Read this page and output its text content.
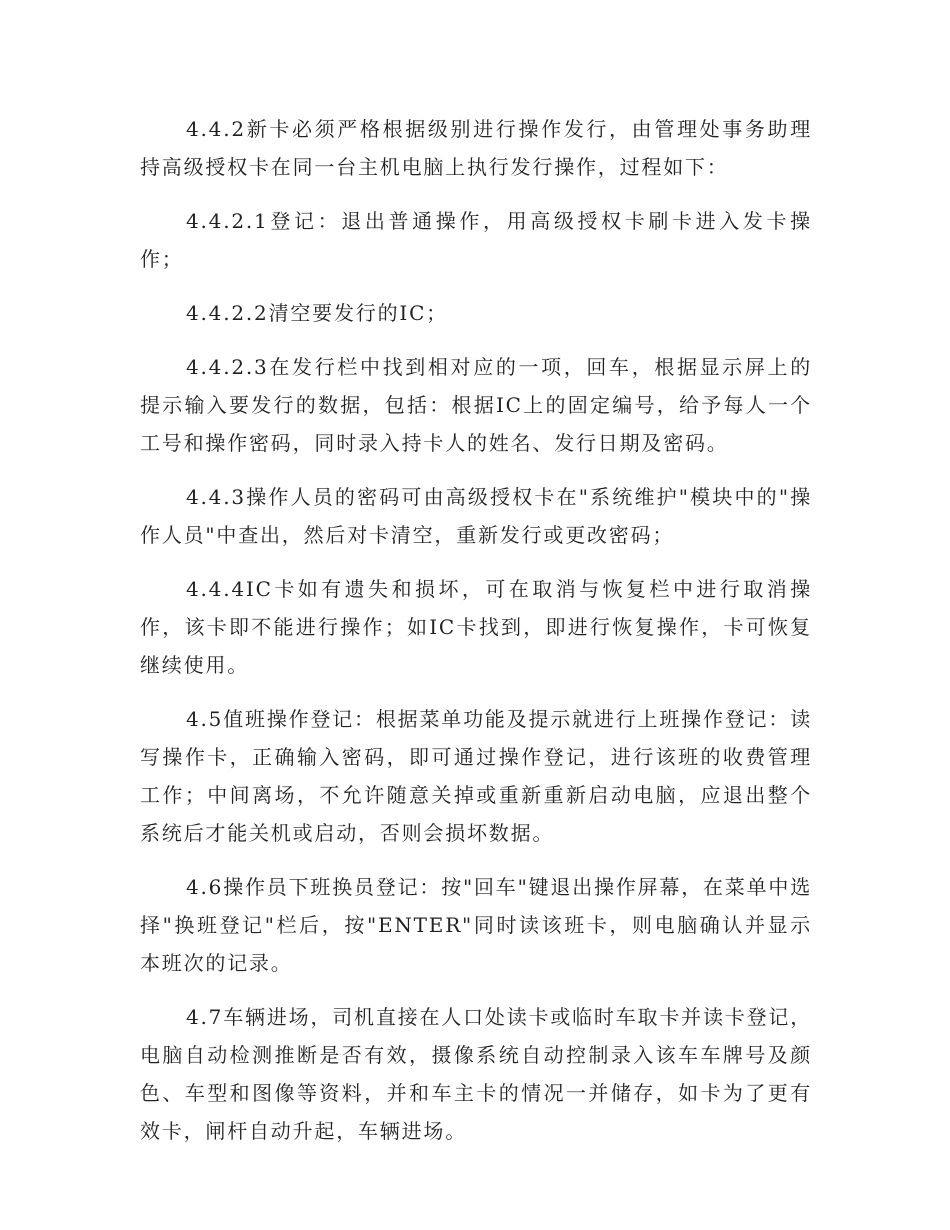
4.4.2新卡必须严格根据级别进行操作发行，由管理处事务助理持高级授权卡在同一台主机电脑上执行发行操作，过程如下：

4.4.2.1登记：退出普通操作，用高级授权卡刷卡进入发卡操作；

4.4.2.2清空要发行的IC；

4.4.2.3在发行栏中找到相对应的一项，回车，根据显示屏上的提示输入要发行的数据，包括：根据IC上的固定编号，给予每人一个工号和操作密码，同时录入持卡人的姓名、发行日期及密码。

4.4.3操作人员的密码可由高级授权卡在"系统维护"模块中的"操作人员"中查出，然后对卡清空，重新发行或更改密码；

4.4.4IC卡如有遗失和损坏，可在取消与恢复栏中进行取消操作，该卡即不能进行操作；如IC卡找到，即进行恢复操作，卡可恢复继续使用。

4.5值班操作登记：根据菜单功能及提示就进行上班操作登记：读写操作卡，正确输入密码，即可通过操作登记，进行该班的收费管理工作；中间离场，不允许随意关掉或重新重新启动电脑，应退出整个系统后才能关机或启动，否则会损坏数据。

4.6操作员下班换员登记：按"回车"键退出操作屏幕，在菜单中选择"换班登记"栏后，按"ENTER"同时读该班卡，则电脑确认并显示本班次的记录。

4.7车辆进场，司机直接在人口处读卡或临时车取卡并读卡登记，电脑自动检测推断是否有效，摄像系统自动控制录入该车车牌号及颜色、车型和图像等资料，并和车主卡的情况一并储存，如卡为了更有效卡，闸杆自动升起，车辆进场。
